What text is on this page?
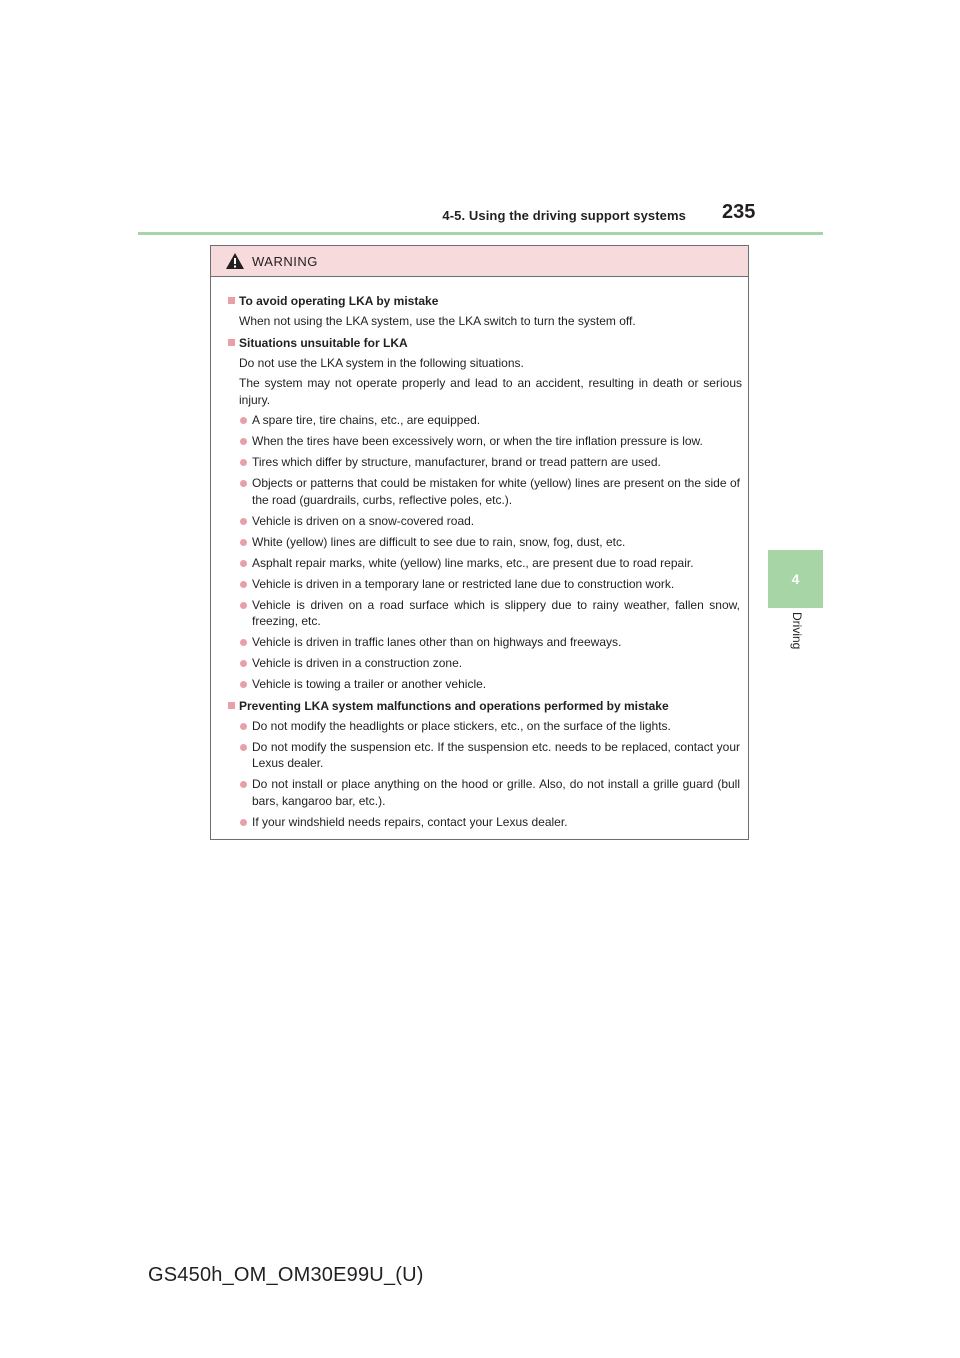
4-5. Using the driving support systems 235
4
Driving
WARNING
To avoid operating LKA by mistake
When not using the LKA system, use the LKA switch to turn the system off.
Situations unsuitable for LKA
Do not use the LKA system in the following situations.
The system may not operate properly and lead to an accident, resulting in death or serious injury.
A spare tire, tire chains, etc., are equipped.
When the tires have been excessively worn, or when the tire inflation pressure is low.
Tires which differ by structure, manufacturer, brand or tread pattern are used.
Objects or patterns that could be mistaken for white (yellow) lines are present on the side of the road (guardrails, curbs, reflective poles, etc.).
Vehicle is driven on a snow-covered road.
White (yellow) lines are difficult to see due to rain, snow, fog, dust, etc.
Asphalt repair marks, white (yellow) line marks, etc., are present due to road repair.
Vehicle is driven in a temporary lane or restricted lane due to construction work.
Vehicle is driven on a road surface which is slippery due to rainy weather, fallen snow, freezing, etc.
Vehicle is driven in traffic lanes other than on highways and freeways.
Vehicle is driven in a construction zone.
Vehicle is towing a trailer or another vehicle.
Preventing LKA system malfunctions and operations performed by mistake
Do not modify the headlights or place stickers, etc., on the surface of the lights.
Do not modify the suspension etc. If the suspension etc. needs to be replaced, contact your Lexus dealer.
Do not install or place anything on the hood or grille. Also, do not install a grille guard (bull bars, kangaroo bar, etc.).
If your windshield needs repairs, contact your Lexus dealer.
GS450h_OM_OM30E99U_(U)
